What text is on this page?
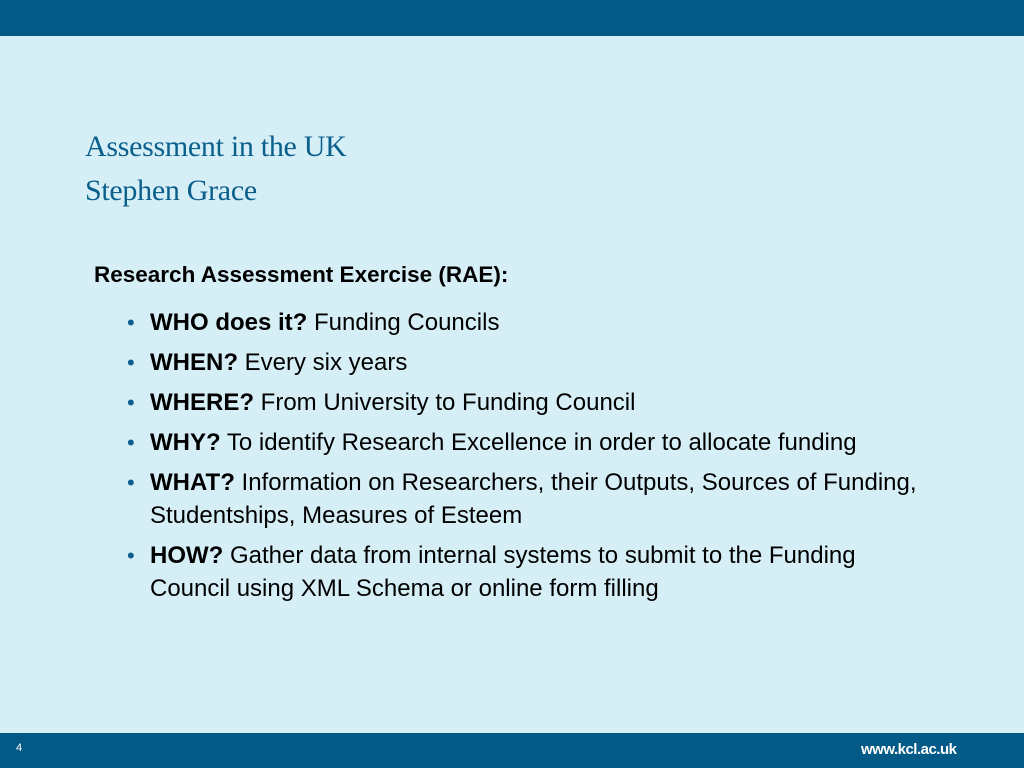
Assessment in the UK
Stephen Grace
Research Assessment Exercise (RAE):
• WHO does it? Funding Councils
• WHEN? Every six years
• WHERE? From University to Funding Council
• WHY? To identify Research Excellence in order to allocate funding
• WHAT? Information on Researchers, their Outputs, Sources of Funding, Studentships, Measures of Esteem
• HOW? Gather data from internal systems to submit to the Funding Council using XML Schema or online form filling
4	www.kcl.ac.uk
